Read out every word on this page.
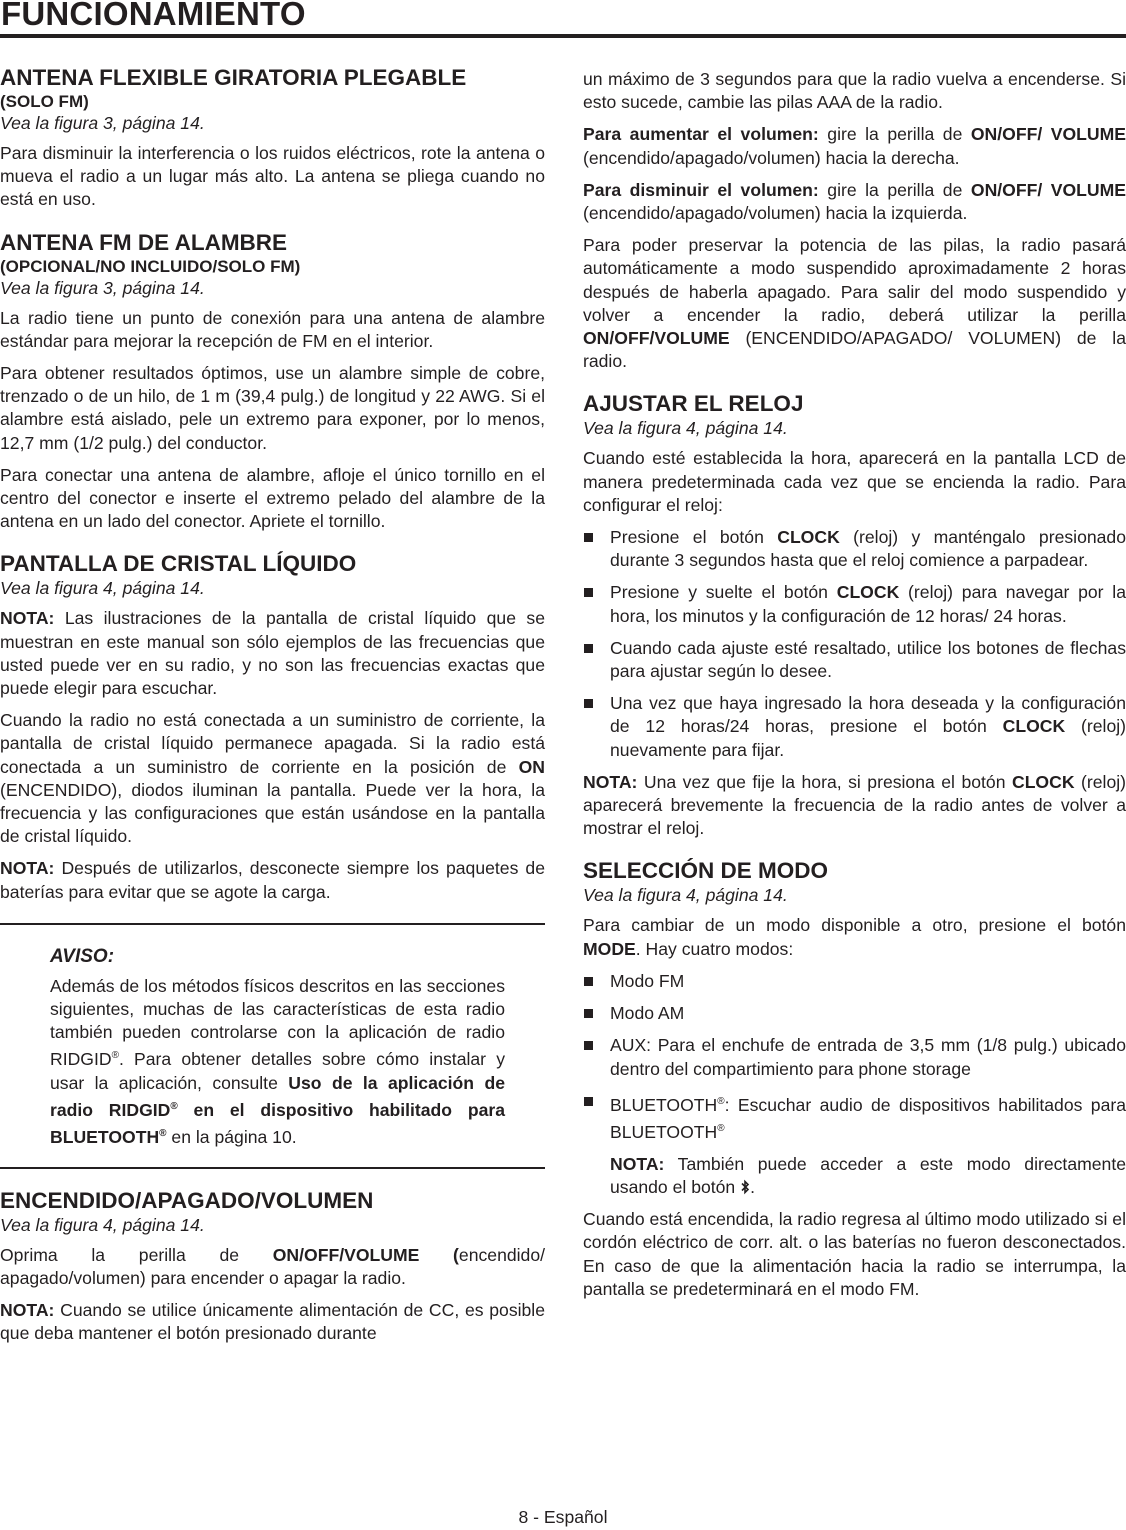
FUNCIONAMIENTO
ANTENA FLEXIBLE GIRATORIA PLEGABLE
(SOLO FM)
Vea la figura 3, página 14.

Para disminuir la interferencia o los ruidos eléctricos, rote la antena o mueva el radio a un lugar más alto. La antena se pliega cuando no está en uso.

ANTENA FM DE ALAMBRE
(OPCIONAL/NO INCLUIDO/SOLO FM)
Vea la figura 3, página 14.

La radio tiene un punto de conexión para una antena de alambre estándar para mejorar la recepción de FM en el interior.

Para obtener resultados óptimos, use un alambre simple de cobre, trenzado o de un hilo, de 1 m (39,4 pulg.) de longitud y 22 AWG. Si el alambre está aislado, pele un extremo para exponer, por lo menos, 12,7 mm (1/2 pulg.) del conductor.

Para conectar una antena de alambre, afloje el único tornillo en el centro del conector e inserte el extremo pelado del alambre de la antena en un lado del conector. Apriete el tornillo.

PANTALLA DE CRISTAL LÍQUIDO
Vea la figura 4, página 14.

NOTA: Las ilustraciones de la pantalla de cristal líquido que se muestran en este manual son sólo ejemplos de las frecuencias que usted puede ver en su radio, y no son las frecuencias exactas que puede elegir para escuchar.

Cuando la radio no está conectada a un suministro de corriente, la pantalla de cristal líquido permanece apagada. Si la radio está conectada a un suministro de corriente en la posición de ON (ENCENDIDO), diodos iluminan la pantalla. Puede ver la hora, la frecuencia y las configuraciones que están usándose en la pantalla de cristal líquido.

NOTA: Después de utilizarlos, desconecte siempre los paquetes de baterías para evitar que se agote la carga.

AVISO:

Además de los métodos físicos descritos en las secciones siguientes, muchas de las características de esta radio también pueden controlarse con la aplicación de radio RIDGID®. Para obtener detalles sobre cómo instalar y usar la aplicación, consulte Uso de la aplicación de radio RIDGID® en el dispositivo habilitado para BLUETOOTH® en la página 10.

ENCENDIDO/APAGADO/VOLUMEN
Vea la figura 4, página 14.

Oprima la perilla de ON/OFF/VOLUME (encendido/ apagado/volumen) para encender o apagar la radio.

NOTA: Cuando se utilice únicamente alimentación de CC, es posible que deba mantener el botón presionado durante

un máximo de 3 segundos para que la radio vuelva a encenderse. Si esto sucede, cambie las pilas AAA de la radio.

Para aumentar el volumen: gire la perilla de ON/OFF/ VOLUME (encendido/apagado/volumen) hacia la derecha.

Para disminuir el volumen: gire la perilla de ON/OFF/ VOLUME (encendido/apagado/volumen) hacia la izquierda.

Para poder preservar la potencia de las pilas, la radio pasará automáticamente a modo suspendido aproximadamente 2 horas después de haberla apagado. Para salir del modo suspendido y volver a encender la radio, deberá utilizar la perilla ON/OFF/VOLUME (ENCENDIDO/APAGADO/ VOLUMEN) de la radio.

AJUSTAR EL RELOJ
Vea la figura 4, página 14.

Cuando esté establecida la hora, aparecerá en la pantalla LCD de manera predeterminada cada vez que se encienda la radio. Para configurar el reloj:

Presione el botón CLOCK (reloj) y manténgalo presionado durante 3 segundos hasta que el reloj comience a parpadear.
Presione y suelte el botón CLOCK (reloj) para navegar por la hora, los minutos y la configuración de 12 horas/ 24 horas.
Cuando cada ajuste esté resaltado, utilice los botones de flechas para ajustar según lo desee.
Una vez que haya ingresado la hora deseada y la configuración de 12 horas/24 horas, presione el botón CLOCK (reloj) nuevamente para fijar.

NOTA: Una vez que fije la hora, si presiona el botón CLOCK (reloj) aparecerá brevemente la frecuencia de la radio antes de volver a mostrar el reloj.

SELECCIÓN DE MODO
Vea la figura 4, página 14.

Para cambiar de un modo disponible a otro, presione el botón MODE. Hay cuatro modos:

Modo FM
Modo AM
AUX: Para el enchufe de entrada de 3,5 mm (1/8 pulg.) ubicado dentro del compartimiento para phone storage
BLUETOOTH®: Escuchar audio de dispositivos habilitados para BLUETOOTH®

NOTA: También puede acceder a este modo directamente usando el botón .

Cuando está encendida, la radio regresa al último modo utilizado si el cordón eléctrico de corr. alt. o las baterías no fueron desconectados. En caso de que la alimentación hacia la radio se interrumpa, la pantalla se predeterminará en el modo FM.

8 - Español
